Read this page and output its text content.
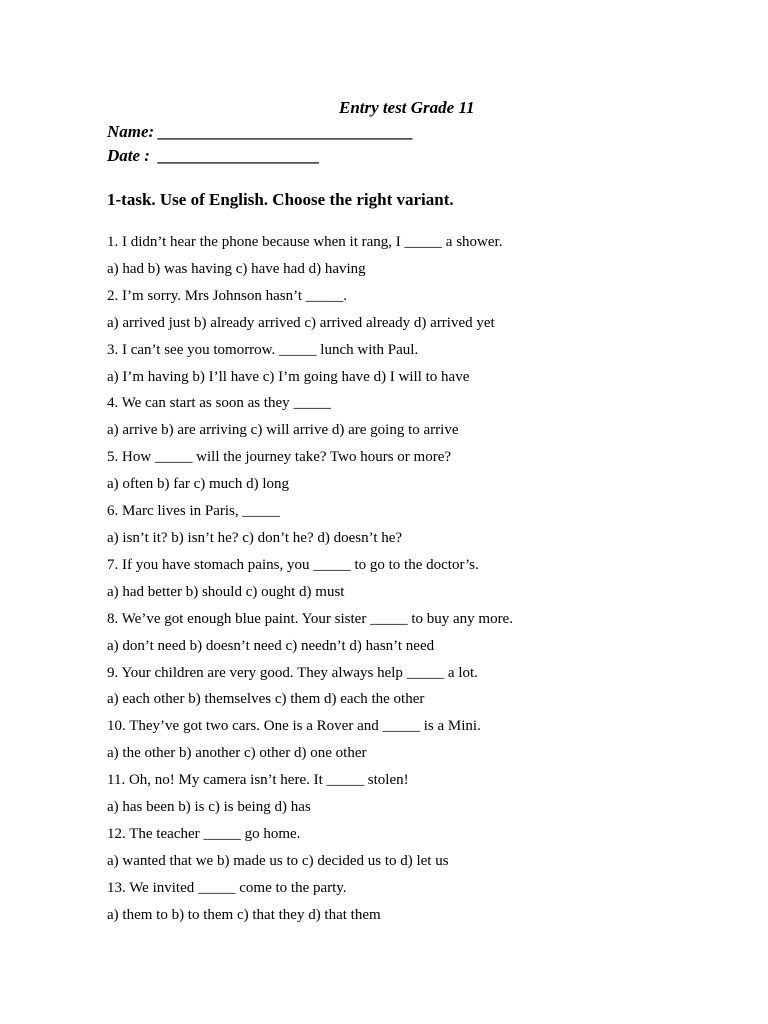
Entry test Grade 11

Name: ______________________________

Date :  ___________________

1-task. Use of English. Choose the right variant.

1. I didn’t hear the phone because when it rang, I _____ a shower.
a) had b) was having c) have had d) having
2. I’m sorry. Mrs Johnson hasn’t _____.
a) arrived just b) already arrived c) arrived already d) arrived yet
3. I can’t see you tomorrow. _____ lunch with Paul.
a) I’m having b) I’ll have c) I’m going have d) I will to have
4. We can start as soon as they _____
a) arrive b) are arriving c) will arrive d) are going to arrive
5. How _____ will the journey take? Two hours or more?
a) often b) far c) much d) long
6. Marc lives in Paris, _____
a) isn’t it? b) isn’t he? c) don’t he? d) doesn’t he?
7. If you have stomach pains, you _____ to go to the doctor’s.
a) had better b) should c) ought d) must
8. We’ve got enough blue paint. Your sister _____ to buy any more.
a) don’t need b) doesn’t need c) needn’t d) hasn’t need
9. Your children are very good. They always help _____ a lot.
a) each other b) themselves c) them d) each the other
10. They’ve got two cars. One is a Rover and _____ is a Mini.
a) the other b) another c) other d) one other
11. Oh, no! My camera isn’t here. It _____ stolen!
a) has been b) is c) is being d) has
12. The teacher _____ go home.
a) wanted that we b) made us to c) decided us to d) let us
13. We invited _____ come to the party.
a) them to b) to them c) that they d) that them
